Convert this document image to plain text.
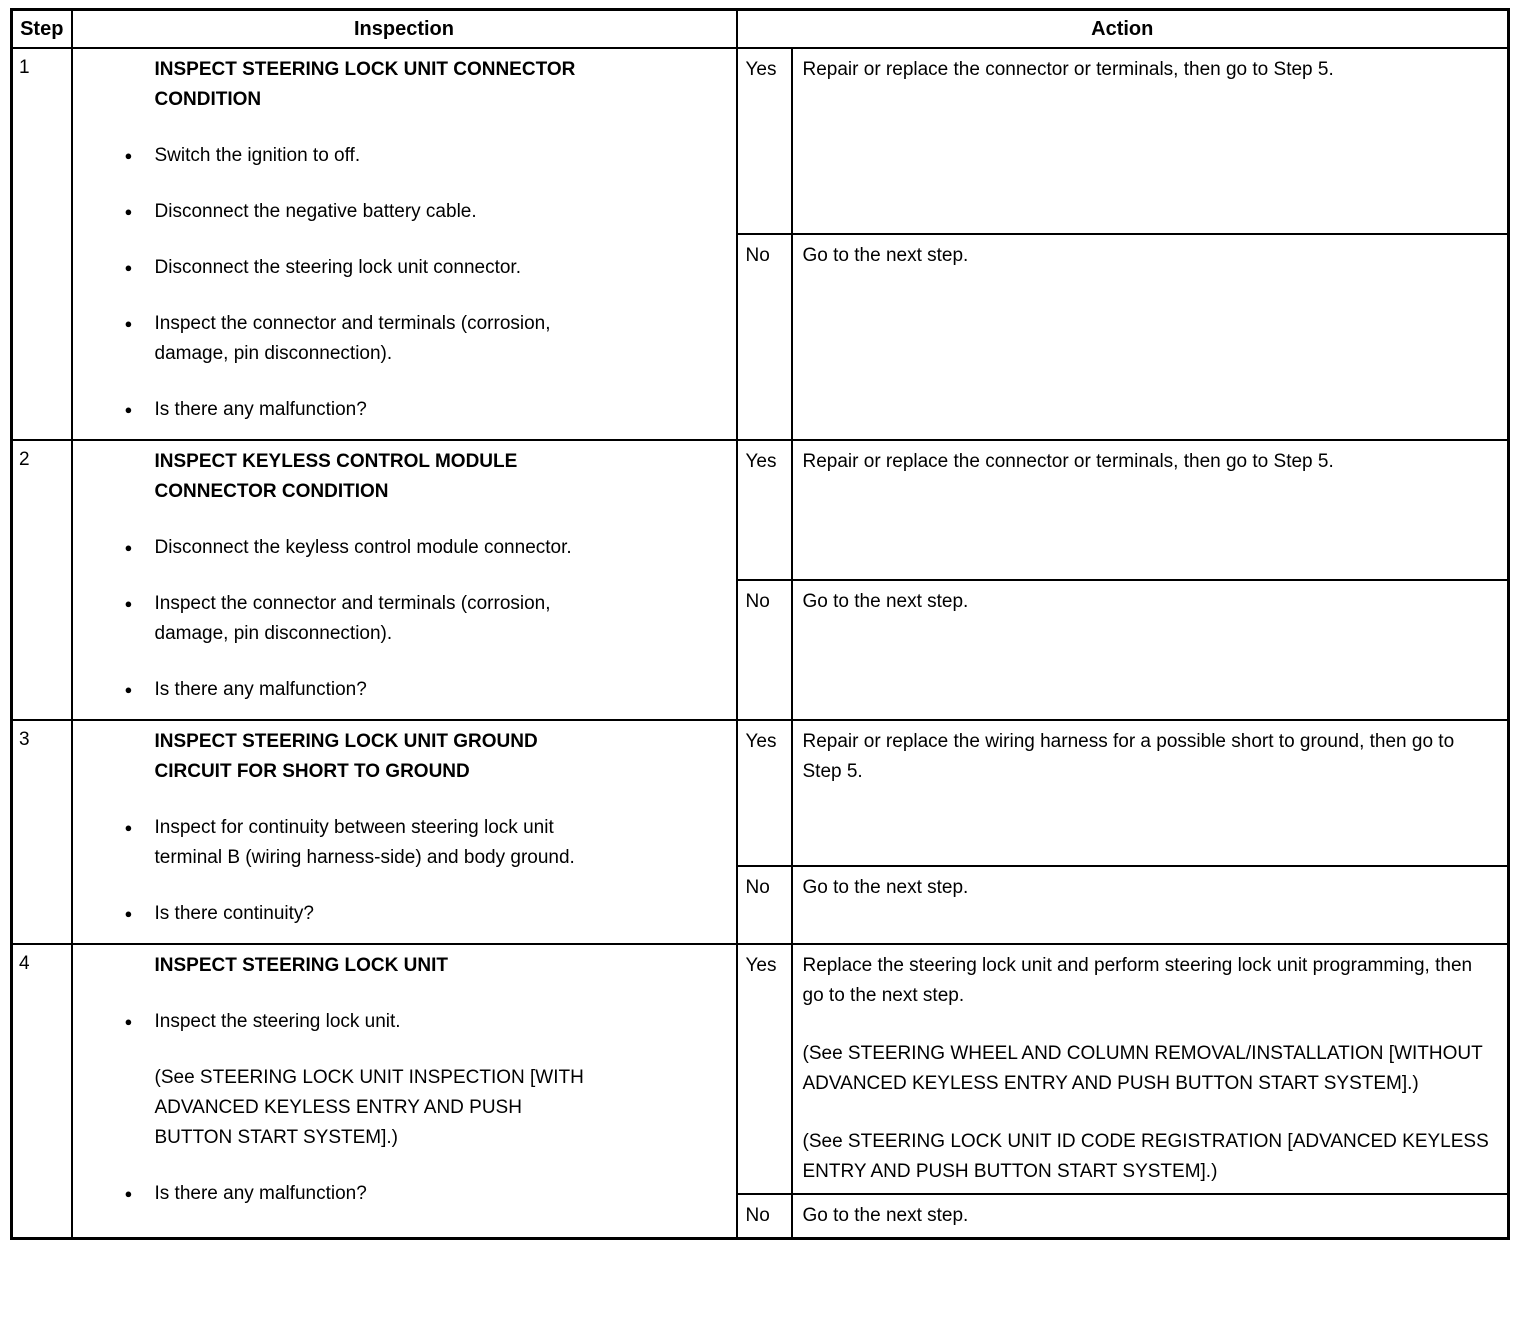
Step	Inspection	Action	
1	INSPECT STEERING LOCK UNIT CONNECTOR CONDITION
●	Switch the ignition to off.
●	Disconnect the negative battery cable.
●	Disconnect the steering lock unit connector.
●	Inspect the connector and terminals (corrosion, damage, pin disconnection).
●	Is there any malfunction?
	Yes	Repair or replace the connector or terminals, then go to Step 5.

		No	Go to the next step.

2	INSPECT KEYLESS CONTROL MODULE CONNECTOR CONDITION
●	Disconnect the keyless control module connector.
●	Inspect the connector and terminals (corrosion, damage, pin disconnection).
●	Is there any malfunction?
	Yes	Repair or replace the connector or terminals, then go to Step 5.

		No	Go to the next step.

3	INSPECT STEERING LOCK UNIT GROUND CIRCUIT FOR SHORT TO GROUND
● Inspect for continuity between steering lock unit terminal B (wiring harness-side) and body ground.
● Is there continuity?	Yes	Repair or replace the wiring harness for a possible short to ground, then go to Step 5.

		No	Go to the next step.

4	INSPECT STEERING LOCK UNIT
●	Inspect the steering lock unit.
(See STEERING LOCK UNIT INSPECTION [WITH ADVANCED KEYLESS ENTRY AND PUSH BUTTON START SYSTEM].)
●	Is there any malfunction?
	Yes	Replace the steering lock unit and perform steering lock unit programming, then go to the next step.

(See STEERING WHEEL AND COLUMN REMOVAL/INSTALLATION [WITHOUT ADVANCED KEYLESS ENTRY AND PUSH BUTTON START SYSTEM].)

(See STEERING LOCK UNIT ID CODE REGISTRATION [ADVANCED KEYLESS ENTRY AND PUSH BUTTON START SYSTEM].)

		No	Go to the next step.
